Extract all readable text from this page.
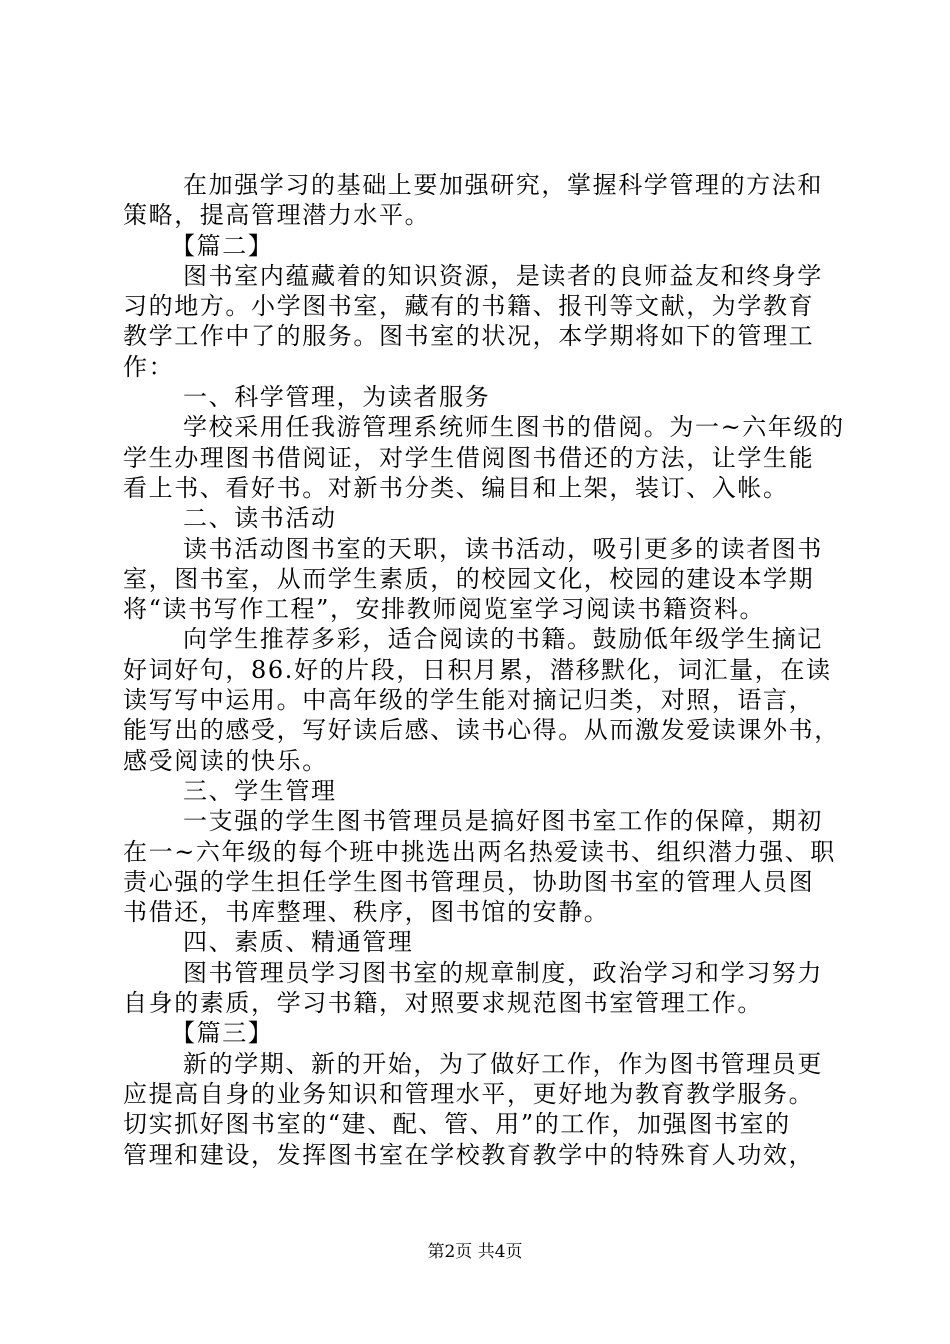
在加强学习的基础上要加强研究，掌握科学管理的方法和
策略，提高管理潜力水平。
【篇二】
图书室内蕴藏着的知识资源，是读者的良师益友和终身学
习的地方。小学图书室，藏有的书籍、报刊等文献，为学教育
教学工作中了的服务。图书室的状况，本学期将如下的管理工
作：
一、科学管理，为读者服务
学校采用任我游管理系统师生图书的借阅。为一~六年级的
学生办理图书借阅证，对学生借阅图书借还的方法，让学生能
看上书、看好书。对新书分类、编目和上架，装订、入帐。
二、读书活动
读书活动图书室的天职，读书活动，吸引更多的读者图书
室，图书室，从而学生素质，的校园文化，校园的建设本学期
将“读书写作工程”，安排教师阅览室学习阅读书籍资料。
向学生推荐多彩，适合阅读的书籍。鼓励低年级学生摘记
好词好句，86.好的片段，日积月累，潜移默化，词汇量，在读
读写写中运用。中高年级的学生能对摘记归类，对照，语言，
能写出的感受，写好读后感、读书心得。从而激发爱读课外书，
感受阅读的快乐。
三、学生管理
一支强的学生图书管理员是搞好图书室工作的保障，期初
在一~六年级的每个班中挑选出两名热爱读书、组织潜力强、职
责心强的学生担任学生图书管理员，协助图书室的管理人员图
书借还，书库整理、秩序，图书馆的安静。
四、素质、精通管理
图书管理员学习图书室的规章制度，政治学习和学习努力
自身的素质，学习书籍，对照要求规范图书室管理工作。
【篇三】
新的学期、新的开始，为了做好工作，作为图书管理员更
应提高自身的业务知识和管理水平，更好地为教育教学服务。
切实抓好图书室的“建、配、管、用”的工作，加强图书室的
管理和建设，发挥图书室在学校教育教学中的特殊育人功效，
第2页 共4页
